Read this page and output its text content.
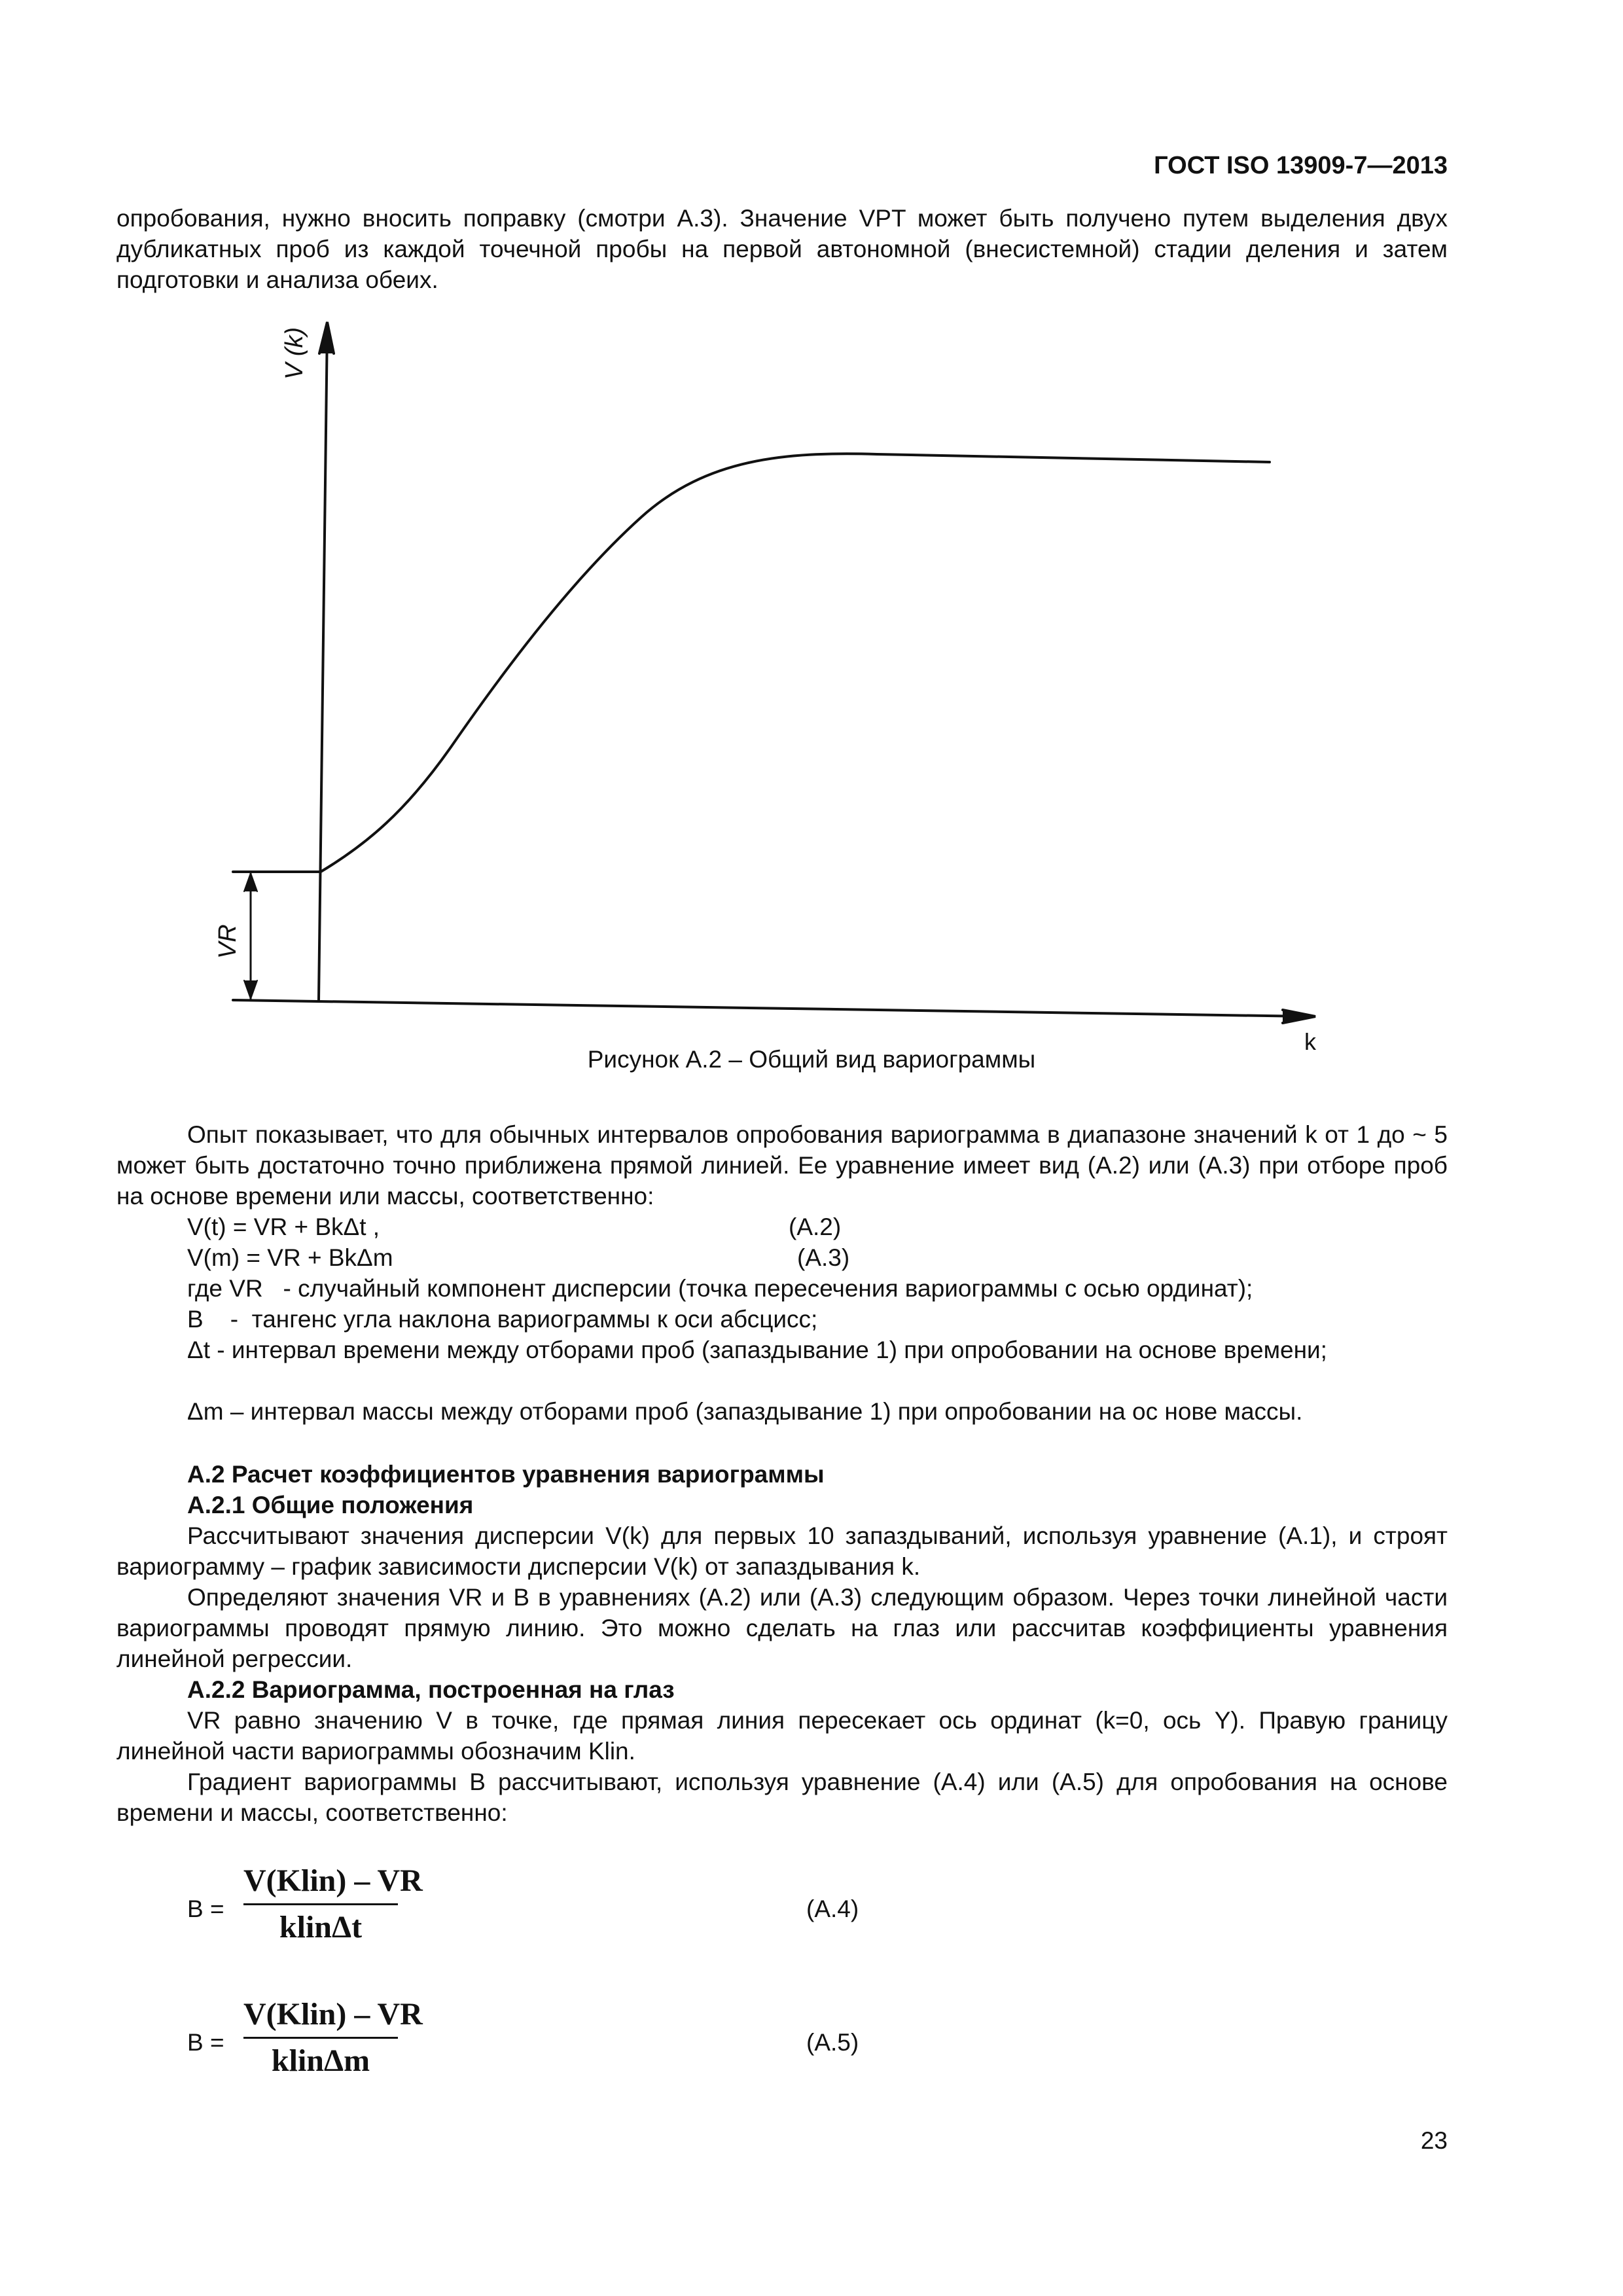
ГОСТ ISO 13909-7—2013
опробования, нужно вносить поправку (смотри А.3). Значение VPT может быть получено путем выделения двух дубликатных проб из каждой точечной пробы на первой автономной (внесистемной) стадии деления и затем подготовки и анализа обеих.
V (k)
k
VR
Рисунок А.2 – Общий вид вариограммы
Опыт показывает, что для обычных интервалов опробования вариограмма в диапазоне значений k от 1 до ~ 5 может быть достаточно точно приближена прямой линией. Ее уравнение имеет вид (А.2) или (А.3) при отборе проб на основе времени или массы, соответственно:
V(t) = VR + BkΔt ,	(А.2)
V(m) = VR + BkΔm	(А.3)
где VR   - случайный компонент дисперсии (точка пересечения вариограммы с осью ординат);
В    -  тангенс угла наклона вариограммы к оси абсцисс;
Δt - интервал времени между отборами проб (запаздывание 1) при опробовании на основе времени;
Δm – интервал массы между отборами проб (запаздывание 1) при опробовании на ос нове массы.
А.2 Расчет коэффициентов уравнения вариограммы
А.2.1 Общие положения
Рассчитывают значения дисперсии V(k) для первых 10 запаздываний, используя уравнение (А.1), и строят вариограмму – график зависимости дисперсии V(k) от запаздывания k.
Определяют значения VR и B в уравнениях (А.2) или (А.3) следующим образом. Через точки линейной части вариограммы проводят прямую линию. Это можно сделать на глаз или рассчитав коэффициенты уравнения линейной регрессии.
А.2.2 Вариограмма, построенная на глаз
VR равно значению V в точке, где прямая линия пересекает ось ординат (k=0, ось Y). Правую границу линейной части вариограммы обозначим Klin.
Градиент вариограммы B рассчитывают, используя уравнение (А.4) или (А.5) для опробования на основе времени и массы, соответственно:
B =
V(Klin) – VR
klinΔt
(А.4)
B =
V(Klin) – VR
klinΔm
(А.5)
23
